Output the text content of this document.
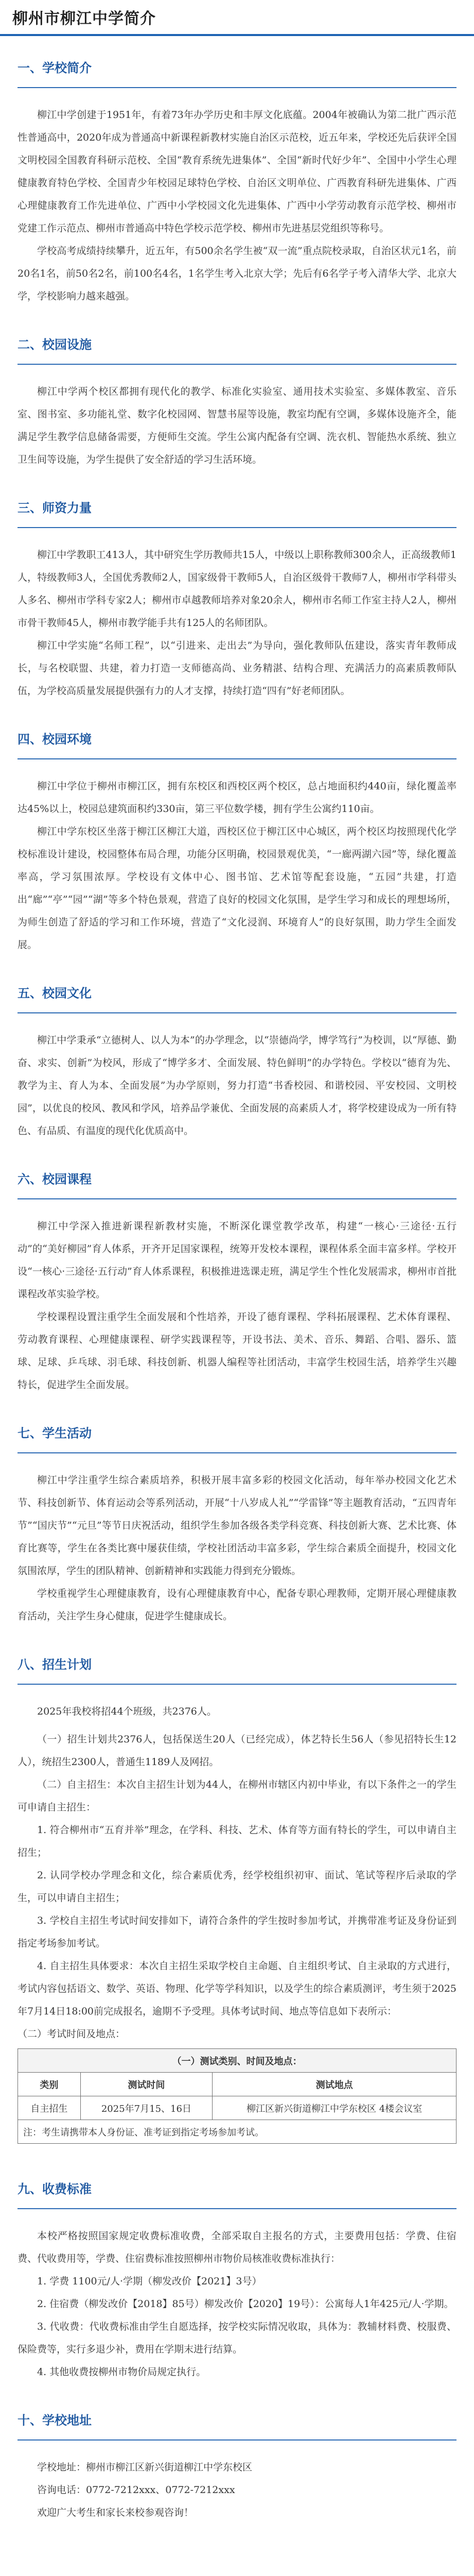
柳州市柳江中学简介
一、学校简介

柳江中学创建于1951年，有着73年办学历史和丰厚文化底蕴。2004年被确认为第二批广西示范性普通高中，2020年成为普通高中新课程新教材实施自治区示范校，近五年来，学校还先后获评全国文明校园全国教育科研示范校、全国“教育系统先进集体”、全国“新时代好少年”、全国中小学生心理健康教育特色学校、全国青少年校园足球特色学校、自治区文明单位、广西教育科研先进集体、广西心理健康教育工作先进单位、广西中小学校园文化先进集体、广西中小学劳动教育示范学校、柳州市党建工作示范点、柳州市普通高中特色学校示范学校、柳州市先进基层党组织等称号。

学校高考成绩持续攀升，近五年，有500余名学生被“双一流”重点院校录取，自治区状元1名，前20名1名，前50名2名，前100名4名，1名学生考入北京大学；先后有6名学子考入清华大学、北京大学，学校影响力越来越强。

二、校园设施

柳江中学两个校区都拥有现代化的教学、标准化实验室、通用技术实验室、多媒体教室、音乐室、图书室、多功能礼堂、数字化校园网、智慧书屋等设施，教室均配有空调，多媒体设施齐全，能满足学生教学信息储备需要，方便师生交流。学生公寓内配备有空调、洗衣机、智能热水系统、独立卫生间等设施，为学生提供了安全舒适的学习生活环境。

三、师资力量

柳江中学教职工413人，其中研究生学历教师共15人，中级以上职称教师300余人，正高级教师1人，特级教师3人，全国优秀教师2人，国家级骨干教师5人，自治区级骨干教师7人，柳州市学科带头人多名、柳州市学科专家2人；柳州市卓越教师培养对象20余人，柳州市名师工作室主持人2人，柳州市骨干教师45人，柳州市教学能手共有125人的名师团队。

柳江中学实施“名师工程”，以“引进来、走出去”为导向，强化教师队伍建设，落实青年教师成长，与名校联盟、共建，着力打造一支师德高尚、业务精湛、结构合理、充满活力的高素质教师队伍，为学校高质量发展提供强有力的人才支撑，持续打造“四有”好老师团队。

四、校园环境

柳江中学位于柳州市柳江区，拥有东校区和西校区两个校区，总占地面积约440亩，绿化覆盖率达45%以上，校园总建筑面积约330亩，第三平位数学楼，拥有学生公寓约110亩。

柳江中学东校区坐落于柳江区柳江大道，西校区位于柳江区中心城区，两个校区均按照现代化学校标准设计建设，校园整体布局合理，功能分区明确，校园景观优美，“一廊两湖六园”等，绿化覆盖率高，学习氛围浓厚。学校设有文体中心、图书馆、艺术馆等配套设施，“五园”共建，打造出“廊”“亭”“园”“湖”等多个特色景观，营造了良好的校园文化氛围，是学生学习和成长的理想场所，为师生创造了舒适的学习和工作环境，营造了“文化浸润、环境育人”的良好氛围，助力学生全面发展。

五、校园文化

柳江中学秉承“立德树人、以人为本”的办学理念，以“崇德尚学，博学笃行”为校训，以“厚德、勤奋、求实、创新”为校风，形成了“博学多才、全面发展、特色鲜明”的办学特色。学校以“德育为先、教学为主、育人为本、全面发展”为办学原则，努力打造“书香校园、和谐校园、平安校园、文明校园”，以优良的校风、教风和学风，培养品学兼优、全面发展的高素质人才，将学校建设成为一所有特色、有品质、有温度的现代化优质高中。

六、校园课程

柳江中学深入推进新课程新教材实施，不断深化课堂教学改革，构建“一核心·三途径·五行动”的“美好柳园”育人体系，开齐开足国家课程，统筹开发校本课程，课程体系全面丰富多样。学校开设“一核心·三途径·五行动”育人体系课程，积极推进选课走班，满足学生个性化发展需求，柳州市首批课程改革实验学校。

学校课程设置注重学生全面发展和个性培养，开设了德育课程、学科拓展课程、艺术体育课程、劳动教育课程、心理健康课程、研学实践课程等，开设书法、美术、音乐、舞蹈、合唱、器乐、篮球、足球、乒乓球、羽毛球、科技创新、机器人编程等社团活动，丰富学生校园生活，培养学生兴趣特长，促进学生全面发展。

七、学生活动

柳江中学注重学生综合素质培养，积极开展丰富多彩的校园文化活动，每年举办校园文化艺术节、科技创新节、体育运动会等系列活动，开展“十八岁成人礼”“学雷锋”等主题教育活动，“五四青年节”“国庆节”“元旦”等节日庆祝活动，组织学生参加各级各类学科竞赛、科技创新大赛、艺术比赛、体育比赛等，学生在各类比赛中屡获佳绩，学校社团活动丰富多彩，学生综合素质全面提升，校园文化氛围浓厚，学生的团队精神、创新精神和实践能力得到充分锻炼。

学校重视学生心理健康教育，设有心理健康教育中心，配备专职心理教师，定期开展心理健康教育活动，关注学生身心健康，促进学生健康成长。

八、招生计划

2025年我校将招44个班级，共2376人。

（一）招生计划共2376人，包括保送生20人（已经完成），体艺特长生56人（参见招特长生12人），统招生2300人，普通生1189人及网招。

（二）自主招生：本次自主招生计划为44人，在柳州市辖区内初中毕业，有以下条件之一的学生可申请自主招生：

1. 符合柳州市“五育并举”理念，在学科、科技、艺术、体育等方面有特长的学生，可以申请自主招生；

2. 认同学校办学理念和文化，综合素质优秀，经学校组织初审、面试、笔试等程序后录取的学生，可以申请自主招生；

3. 学校自主招生考试时间安排如下，请符合条件的学生按时参加考试，并携带准考证及身份证到指定考场参加考试。

4. 自主招生具体要求：本次自主招生采取学校自主命题、自主组织考试、自主录取的方式进行，考试内容包括语文、数学、英语、物理、化学等学科知识，以及学生的综合素质测评，考生须于2025年7月14日18:00前完成报名，逾期不予受理。具体考试时间、地点等信息如下表所示：

（二）考试时间及地点：

（一）测试类别、时间及地点：		
类别	测试时间	测试地点
自主招生	2025年7月15、16日	柳江区新兴街道柳江中学东校区 4楼会议室
注：考生请携带本人身份证、准考证到指定考场参加考试。		
九、收费标准

本校严格按照国家规定收费标准收费，全部采取自主报名的方式，主要费用包括：学费、住宿费、代收费用等，学费、住宿费标准按照柳州市物价局核准收费标准执行：

1. 学费 1100元/人·学期（柳发改价【2021】3号）

2. 住宿费（柳发改价【2018】85号）柳发改价【2020】19号）：公寓每人1年425元/人·学期。

3. 代收费：代收费标准由学生自愿选择，按学校实际情况收取，具体为：教辅材料费、校服费、保险费等，实行多退少补，费用在学期末进行结算。

4. 其他收费按柳州市物价局规定执行。

十、学校地址

学校地址：柳州市柳江区新兴街道柳江中学东校区

咨询电话：0772-7212xxx、0772-7212xxx

欢迎广大考生和家长来校参观咨询！
